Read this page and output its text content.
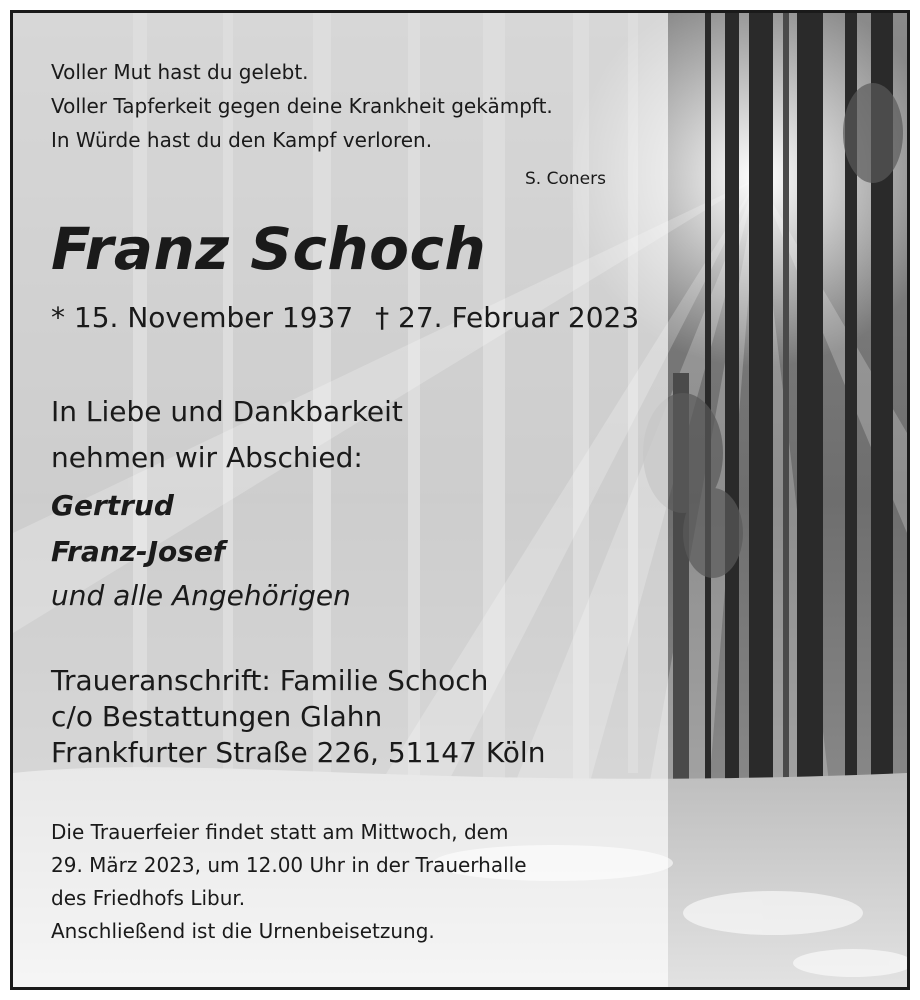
Voller Mut hast du gelebt.
Voller Tapferkeit gegen deine Krankheit gekämpft.
In Würde hast du den Kampf verloren.
S. Coners
Franz Schoch
* 15. November 1937 † 27. Februar 2023
In Liebe und Dankbarkeit
nehmen wir Abschied:
Gertrud
Franz-Josef
und alle Angehörigen
Traueranschrift: Familie Schoch
c/o Bestattungen Glahn
Frankfurter Straße 226, 51147 Köln
Die Trauerfeier findet statt am Mittwoch, dem
29. März 2023, um 12.00 Uhr in der Trauerhalle
des Friedhofs Libur.
Anschließend ist die Urnenbeisetzung.
